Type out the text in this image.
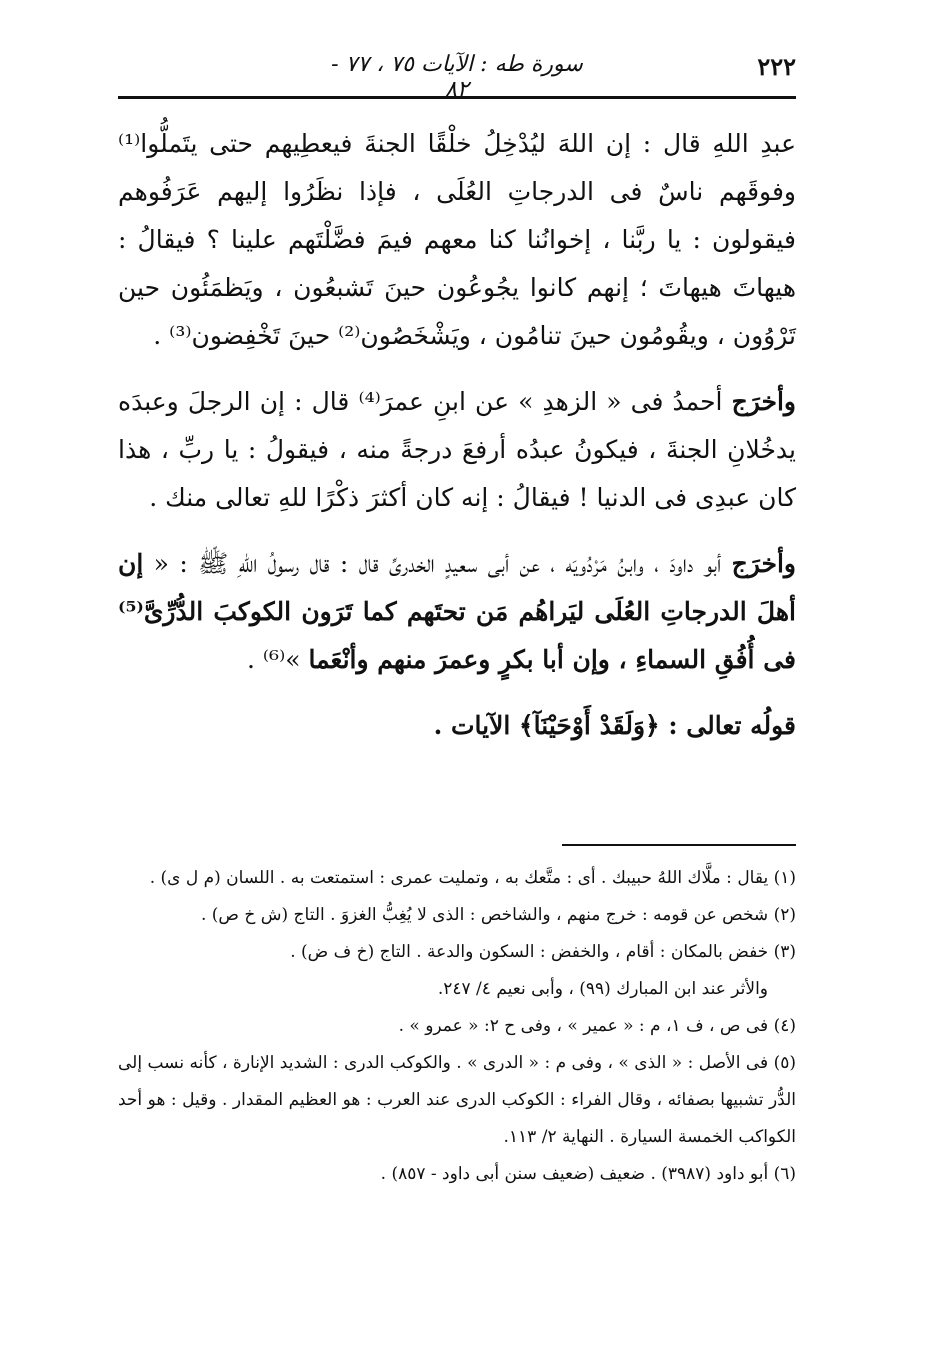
٢٢٢
سورة طه : الآيات ٧٥ ، ٧٧ - ٨٢

عبدِ اللهِ قال : إن اللهَ ليُدْخِلُ خلْقًا الجنةَ فيعطِيهم حتى يتَملُّوا⁽¹⁾ وفوقَهم ناسٌ فى الدرجاتِ العُلَى ، فإذا نظَرُوا إليهم عَرَفُوهم فيقولون : يا ربَّنا ، إخوانُنا كنا معهم فيمَ فضَّلْتَهم علينا ؟ فيقالُ : هيهاتَ هيهاتَ ؛ إنهم كانوا يجُوعُون حينَ تَشبعُون ، ويَظمَئُون حين تَرْوُون ، ويقُومُون حينَ تنامُون ، ويَشْخَصُون⁽²⁾ حينَ تَخْفِضون⁽³⁾ .

وأخرَج أحمدُ فى « الزهدِ » عن ابنِ عمرَ⁽⁴⁾ قال : إن الرجلَ وعبدَه يدخُلانِ الجنةَ ، فيكونُ عبدُه أرفعَ درجةً منه ، فيقولُ : يا ربِّ ، هذا كان عبدِى فى الدنيا ! فيقالُ : إنه كان أكثرَ ذكْرًا للهِ تعالى منك .

وأخرَج أبو داودَ ، وابنُ مَرْدُويَه ، عن أبى سعيدٍ الخدرىِّ قال : قال رسولُ اللهِ ﷺ : « إن أهلَ الدرجاتِ العُلَى ليَراهُم مَن تحتَهم كما تَرَون الكوكبَ الدُّرِّىَّ⁽⁵⁾ فى أُفُقِ السماءِ ، وإن أبا بكرٍ وعمرَ منهم وأنْعَما »⁽⁶⁾ .

قولُه تعالى : ﴿وَلَقَدْ أَوْحَيْنَآ﴾ الآيات .

(١) يقال : ملَّاك اللهُ حبيبك . أى : متَّعك به ، وتمليت عمرى : استمتعت به . اللسان (م ل ى) .

(٢) شخص عن قومه : خرج منهم ، والشاخص : الذى لا يُغِبُّ الغزوَ . التاج (ش خ ص) .

(٣) خفض بالمكان : أقام ، والخفض : السكون والدعة . التاج (خ ف ض) .

والأثر عند ابن المبارك (٩٩) ، وأبى نعيم ٤/ ٢٤٧.

(٤) فى ص ، ف ١، م : « عمير » ، وفى ح ٢: « عمرو » .

(٥) فى الأصل : « الذى » ، وفى م : « الدرى » . والكوكب الدرى : الشديد الإنارة ، كأنه نسب إلى الدُّر تشبيها بصفائه ، وقال الفراء : الكوكب الدرى عند العرب : هو العظيم المقدار . وقيل : هو أحد الكواكب الخمسة السيارة . النهاية ٢/ ١١٣.

(٦) أبو داود (٣٩٨٧) . ضعيف (ضعيف سنن أبى داود - ٨٥٧) .
